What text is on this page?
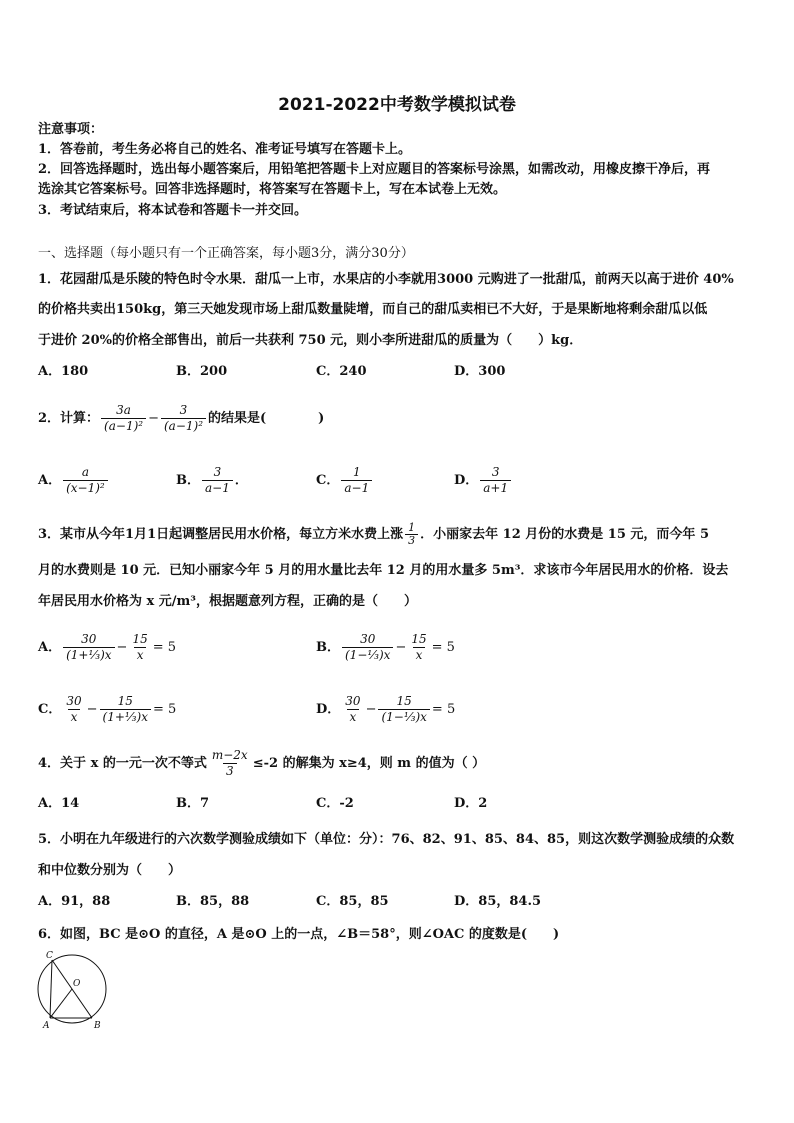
2021-2022中考数学模拟试卷
注意事项：
1．答卷前，考生务必将自己的姓名、准考证号填写在答题卡上。
2．回答选择题时，选出每小题答案后，用铅笔把答题卡上对应题目的答案标号涂黑，如需改动，用橡皮擦干净后，再
选涂其它答案标号。回答非选择题时，将答案写在答题卡上，写在本试卷上无效。
3．考试结束后，将本试卷和答题卡一并交回。
一、选择题（每小题只有一个正确答案，每小题3分，满分30分）
1．花园甜瓜是乐陵的特色时令水果．甜瓜一上市，水果店的小李就用3000 元购进了一批甜瓜，前两天以高于进价 40%
的价格共卖出150kg，第三天她发现市场上甜瓜数量陡增，而自己的甜瓜卖相已不大好，于是果断地将剩余甜瓜以低
于进价 20%的价格全部售出，前后一共获利 750 元，则小李所进甜瓜的质量为（　　）kg．
A．180	B．200	C．240	D．300
2．计算： $\frac{3a}{\text{(a−1)²}} - \frac{3}{\text{(a−1)²}}$ 的结果是(　　　　)
A． $\frac{a}{\text{(x−1)²}}$	B． $\frac{3}{a-1}$ ．	C． $\frac{1}{a-1}$	D． $\frac{3}{a+1}$
3．某市从今年1月1日起调整居民用水价格，每立方米水费上涨 $\frac{1}{3}$ ．小丽家去年 12 月份的水费是 15 元，而今年 5
月的水费则是 10 元．已知小丽家今年 5 月的用水量比去年 12 月的用水量多 5m³．求该市今年居民用水的价格．设去
年居民用水价格为 x 元/m³，根据题意列方程，正确的是（　　）
A． $\frac{30}{\text{(1+⅓)x}} - \frac{15}{x} = 5$	B． $\frac{30}{\text{(1−⅓)x}} - \frac{15}{x} = 5$
C． $\frac{30}{x} - \frac{15}{\text{(1+⅓)x}} = 5$	D． $\frac{30}{x} - \frac{15}{\text{(1−⅓)x}} = 5$
4．关于 x 的一元一次不等式 $\frac{m-2x}{3} \le-2$ 的解集为 x≥4，则 m 的值为（ ）
A．14	B．7	C．-2	D．2
5．小明在九年级进行的六次数学测验成绩如下（单位：分）：76、82、91、85、84、85，则这次数学测验成绩的众数
和中位数分别为（　　）
A．91，88	B．85，88	C．85，85	D．85，84.5
6．如图，BC 是⊙O 的直径，A 是⊙O 上的一点，∠B＝58°，则∠OAC 的度数是(　　)
C
O
A	B
